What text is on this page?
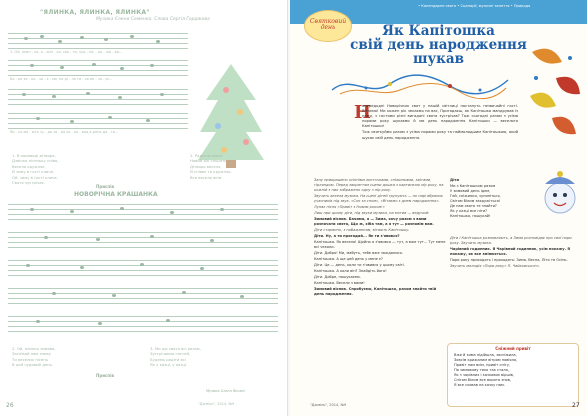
"ЯЛИНКА, ЯЛИНКА, ЯЛИНКА"
Музика Єлени Семенко. Слова Сергія Горджова
1. Ой, ялин - ко, я - лин - ко, свя - та, чуд - на, - ро - жа - ва...
Бо - ре за - ки - ча - є - мо, по ді - ло ти - хо ве - чо - рі...
Яр - ко ма - ють чу - до за - ра хо - ро - вод в день да - ти...
1. В хороводі дітвора,
Дзвінко пісеньку співа,
Весело кружляє,
Й зиму в гості кличе,
Ой, зиму в гості кличе,
Свято зустрічає.
2. Радісно свято
Новий рік спішить,
Дітвора весела
Й співає та кружляє,
Все весело всім
Приспів
НОВОРІЧНА КРАШАНКА
2. Ой, ялинко зимова,
Заспівай нам знову
Ти веселих пісень
В цей чудовий день.
3. Ми цю свято всі разом,
Зустрічаємо гостей,
Будемо радіти всі
Як у казці, у казці.
Приспів
Музика Ольги Якової
26	"Джміль", 2014, №9
• Календарне свято • Сценарії, музичні заняття • Природа
Святковий день	Як Капітошка
свій день народження
шукав
Н
апередодні Новорічних свят у нашій світлиці постануть незвичайні гості. Вітаємо! Ми кожен рік чекаємо на вас, Пригадаєш, як Капітошка мандрував із нами, з гостями різні вигадані свята зустрічав? Тож сьогодні разом з усіма порами року шукаємо й ми день народження Капітошки — веселого Капітошки!
Тож святкуймо разом з усіма порами року та наймолодшим Капітошкою, який шукає свій день народження.

Залу прикрашено осінніми листочками, сніжинками, квітами, гірляндою. Перед закриттям сцени дошка з картинкою пір року, на кожній з них зображено одну з пір року.

Звучить весела музика. На сцені дітей групують — по парі вбраних учасників під звук. «Сон за сном», «Вітаємо з днем народження».

Лунає пісня «Привіт з Новим роком!»

Лиш при цьому діти, під звуки музики, на мотив — ведучий:

Зимовий вісник. Бачимо, я — Зима, хочу разом з вами розпочати свято, Що ж, хіба там, а я тут — розповім вам.

Діти старанно, з побажанням, вітають Капітошку.

Діти. Ну, а ти пригадай... Як ти з'явився?

Капітошка. Як весело! Щойно я з'явився — тут, а вже тут... Тут мене всі чекали.

Діти. Добро! Ми, мабуть, тебе вже заждалися.

Капітошка. А ще цей день у мене є?

Діти. Це — день, коли ти з'явився у цьому світі.

Капітошка. А коли він? Знайдіть його!

Діти. Добре, пошукаємо.

Капітошка. Весело з вами!

Зимовий вісник. Спробуємо, Капітошко, разом знайти твій день народження.

Діти

Ми з Капітошкою разом
У зимовий день ідем,
Гей, сніжинки, зупиніться,
Світом білим закружіться!
Де нам свято те знайти?
Як у казці все піти?
Капітошко, пошукай!

Діти і Капітошка розмовляють, а Зима розповідає про свої пори року. Звучить музика.

Чарівний годинник. Я Чарівний годинник, усім покажу. Я покажу, як все змінюється.

Пори року приходять і проходять: Зима, Весна, Літо та Осінь.

Звучить мелодія «Пори року» П. Чайковського.

Сніжний привіт
Вже й зима підійшла, засніжила,
Зовсім крижаним вітром повіяла,
Привіт нам всім, привіт снігу,
По зимовому тихо так стало,
Як з чарівних і казкових віршів,
Снігом білим все вкрито знов,
Я все сховав на казку нам.
"Джміль", 2014, №9	27
